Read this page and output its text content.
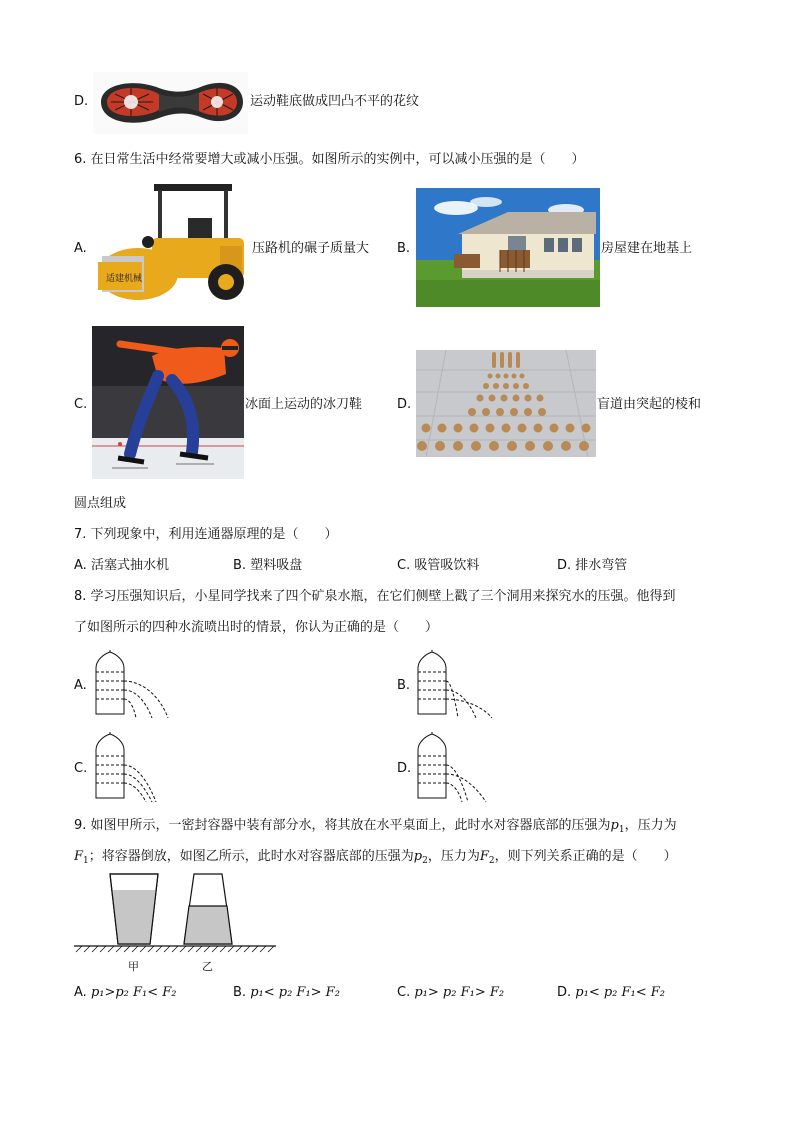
D.	运动鞋底做成凹凸不平的花纹
6. 在日常生活中经常要增大或减小压强。如图所示的实例中，可以减小压强的是（　　）
A.
适建机械
压路机的碾子质量大 B.	房屋建在地基上
C.	冰面上运动的冰刀鞋	D.	盲道由突起的棱和
圆点组成
7. 下列现象中，利用连通器原理的是（　　）
A. 活塞式抽水机	B. 塑料吸盘	C. 吸管吸饮料	D. 排水弯管
8. 学习压强知识后，小星同学找来了四个矿泉水瓶，在它们侧壁上戳了三个洞用来探究水的压强。他得到
了如图所示的四种水流喷出时的情景，你认为正确的是（　　）
A.	B.
C.	D.
9. 如图甲所示，一密封容器中装有部分水，将其放在水平桌面上，此时水对容器底部的压强为$p_1$，压力为
$F_1$；将容器倒放，如图乙所示，此时水对容器底部的压强为$p_2$，压力为$F_2$，则下列关系正确的是（　　）
甲	乙
A. p₁>p₂ F₁< F₂	B. p₁< p₂ F₁> F₂	C. p₁> p₂ F₁> F₂	D. p₁< p₂ F₁< F₂
